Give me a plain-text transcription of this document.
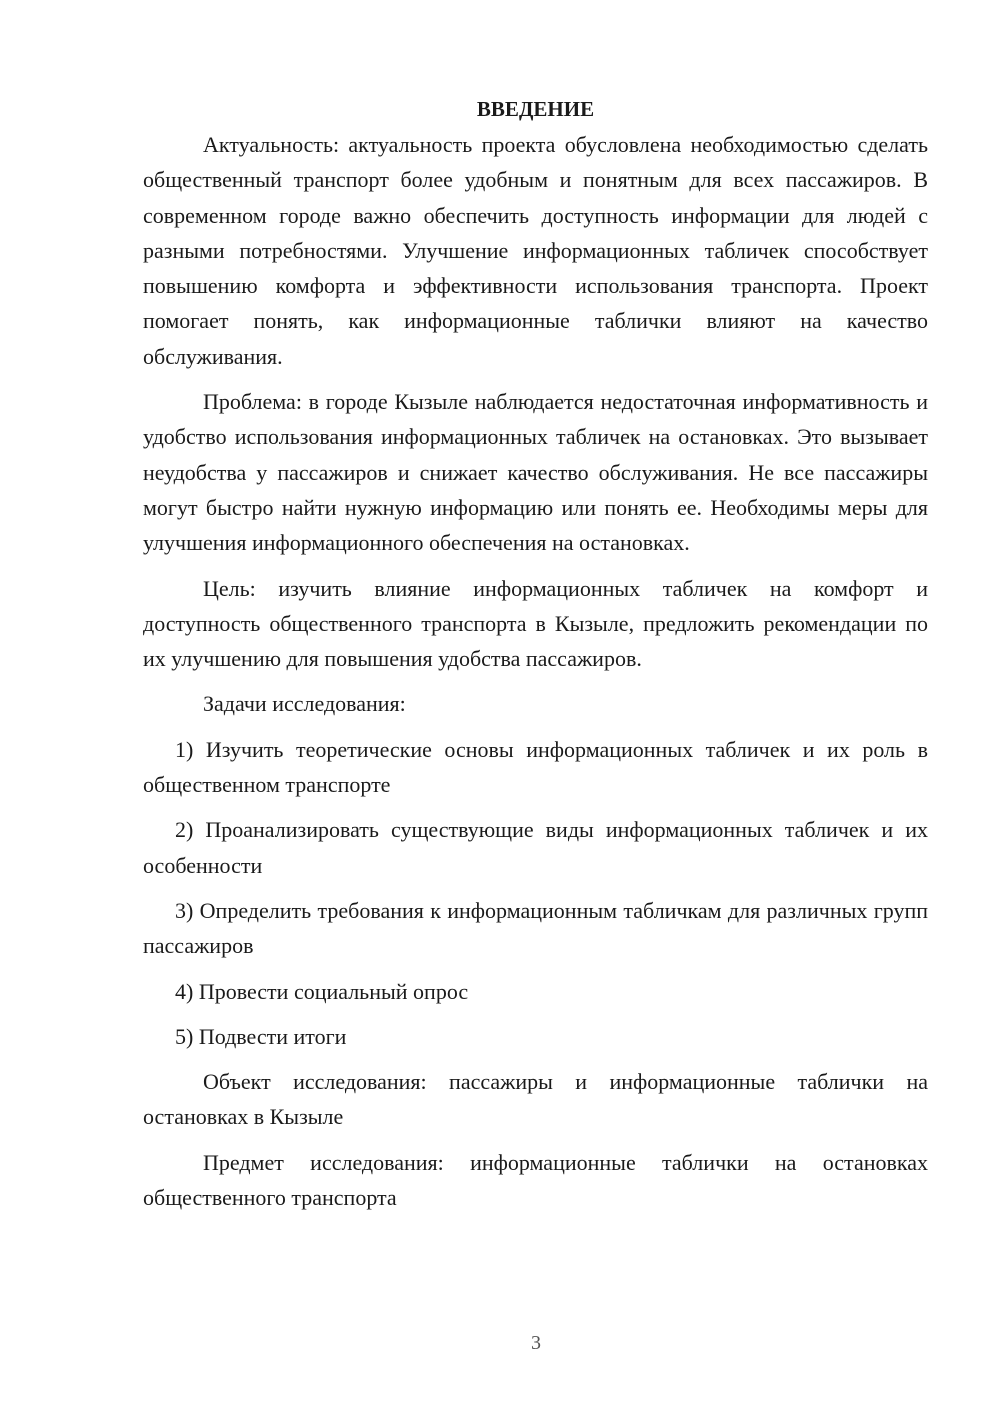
ВВЕДЕНИЕ

Актуальность: актуальность проекта обусловлена необходимостью сделать общественный транспорт более удобным и понятным для всех пассажиров. В современном городе важно обеспечить доступность информации для людей с разными потребностями. Улучшение информационных табличек способствует повышению комфорта и эффективности использования транспорта. Проект помогает понять, как информационные таблички влияют на качество обслуживания.

Проблема: в городе Кызыле наблюдается недостаточная информативность и удобство использования информационных табличек на остановках. Это вызывает неудобства у пассажиров и снижает качество обслуживания. Не все пассажиры могут быстро найти нужную информацию или понять ее. Необходимы меры для улучшения информационного обеспечения на остановках.

Цель: изучить влияние информационных табличек на комфорт и доступность общественного транспорта в Кызыле, предложить рекомендации по их улучшению для повышения удобства пассажиров.

Задачи исследования:

1) Изучить теоретические основы информационных табличек и их роль в общественном транспорте

2) Проанализировать существующие виды информационных табличек и их особенности

3) Определить требования к информационным табличкам для различных групп пассажиров

4) Провести социальный опрос

5) Подвести итоги

Объект исследования: пассажиры и информационные таблички на остановках в Кызыле

Предмет исследования: информационные таблички на остановках общественного транспорта

3
